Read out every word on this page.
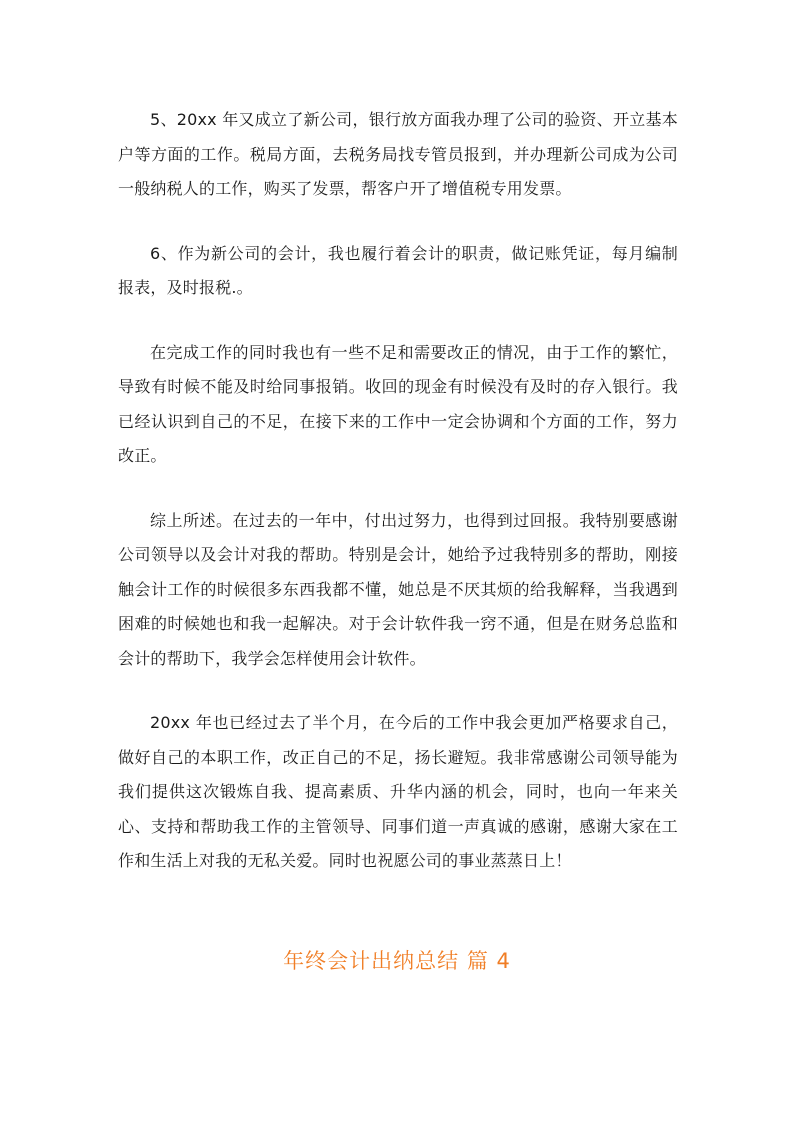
5、20xx 年又成立了新公司，银行放方面我办理了公司的验资、开立基本户等方面的工作。税局方面，去税务局找专管员报到，并办理新公司成为公司一般纳税人的工作，购买了发票，帮客户开了增值税专用发票。

6、作为新公司的会计，我也履行着会计的职责，做记账凭证，每月编制报表，及时报税.。

在完成工作的同时我也有一些不足和需要改正的情况，由于工作的繁忙，导致有时候不能及时给同事报销。收回的现金有时候没有及时的存入银行。我已经认识到自己的不足，在接下来的工作中一定会协调和个方面的工作，努力改正。

综上所述。在过去的一年中，付出过努力，也得到过回报。我特别要感谢公司领导以及会计对我的帮助。特别是会计，她给予过我特别多的帮助，刚接触会计工作的时候很多东西我都不懂，她总是不厌其烦的给我解释，当我遇到困难的时候她也和我一起解决。对于会计软件我一窍不通，但是在财务总监和会计的帮助下，我学会怎样使用会计软件。

20xx 年也已经过去了半个月，在今后的工作中我会更加严格要求自己，做好自己的本职工作，改正自己的不足，扬长避短。我非常感谢公司领导能为我们提供这次锻炼自我、提高素质、升华内涵的机会，同时，也向一年来关心、支持和帮助我工作的主管领导、同事们道一声真诚的感谢，感谢大家在工作和生活上对我的无私关爱。同时也祝愿公司的事业蒸蒸日上！

年终会计出纳总结 篇 4
